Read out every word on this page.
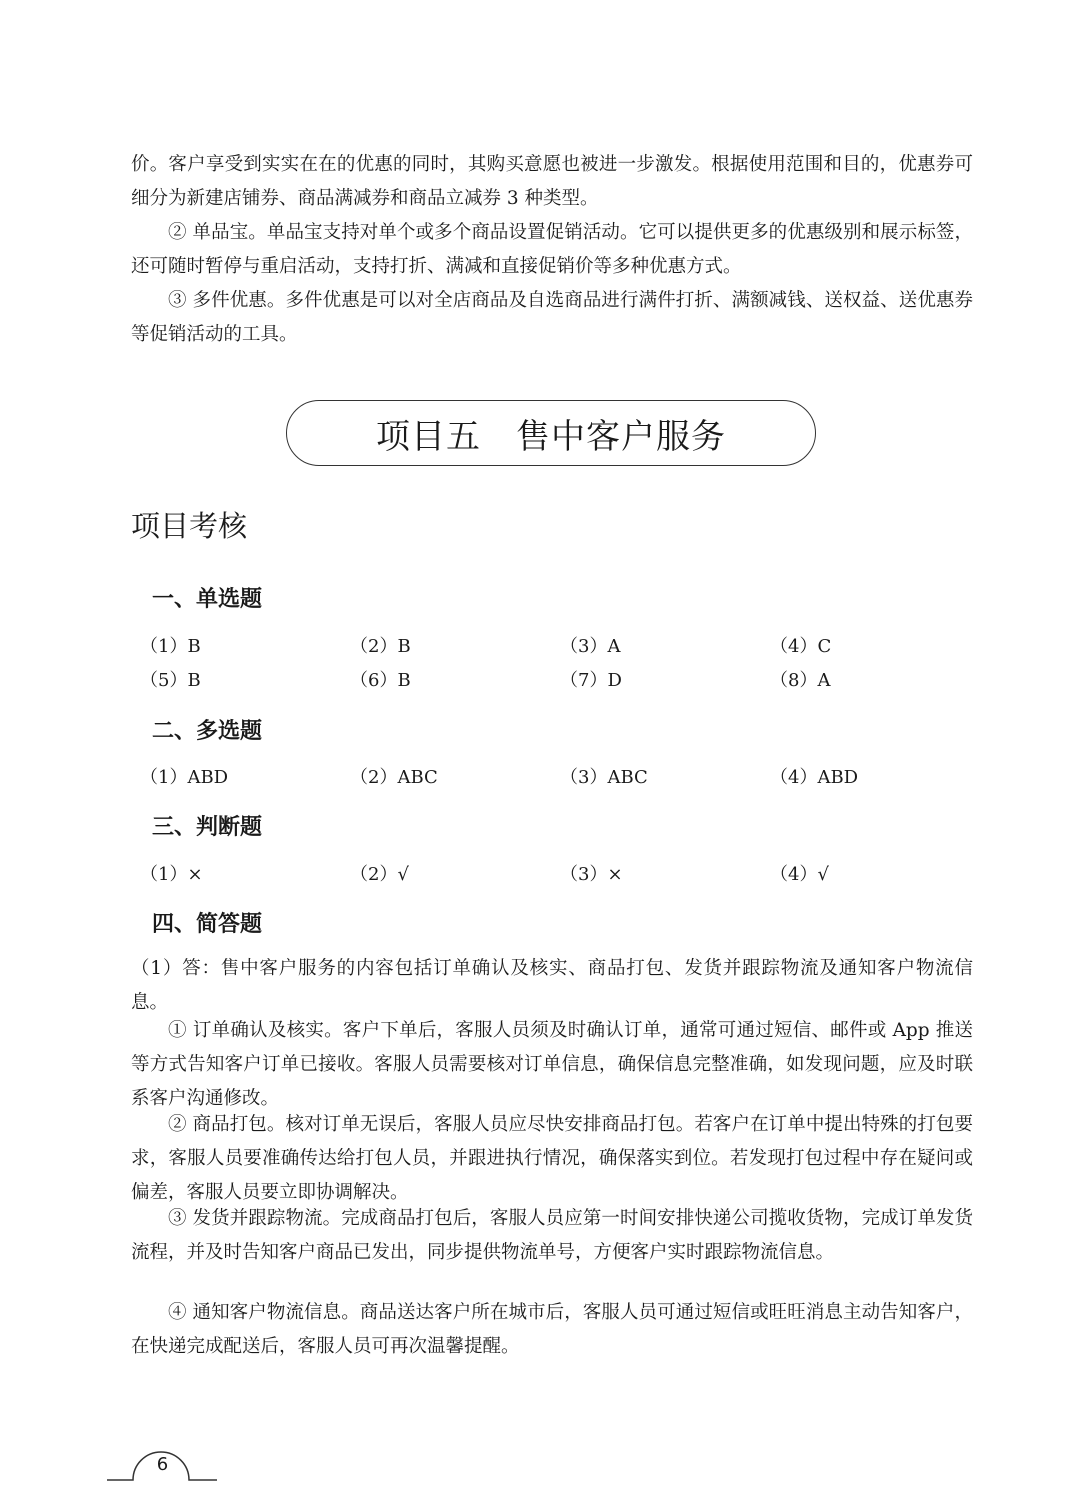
价。客户享受到实实在在的优惠的同时，其购买意愿也被进一步激发。根据使用范围和目的，优惠券可细分为新建店铺券、商品满减券和商品立减券 3 种类型。

② 单品宝。单品宝支持对单个或多个商品设置促销活动。它可以提供更多的优惠级别和展示标签，还可随时暂停与重启活动，支持打折、满减和直接促销价等多种优惠方式。

③ 多件优惠。多件优惠是可以对全店商品及自选商品进行满件打折、满额减钱、送权益、送优惠券等促销活动的工具。

项目五　售中客户服务
项目考核
一、单选题
（1）B	（2）B	（3）A	（4）C
（5）B	（6）B	（7）D	（8）A
二、多选题
（1）ABD	（2）ABC	（3）ABC	（4）ABD
三、判断题
（1）×	（2）√	（3）×	（4）√
四、简答题

（1）答：售中客户服务的内容包括订单确认及核实、商品打包、发货并跟踪物流及通知客户物流信息。

① 订单确认及核实。客户下单后，客服人员须及时确认订单，通常可通过短信、邮件或 App 推送等方式告知客户订单已接收。客服人员需要核对订单信息，确保信息完整准确，如发现问题，应及时联系客户沟通修改。

② 商品打包。核对订单无误后，客服人员应尽快安排商品打包。若客户在订单中提出特殊的打包要求，客服人员要准确传达给打包人员，并跟进执行情况，确保落实到位。若发现打包过程中存在疑问或偏差，客服人员要立即协调解决。

③ 发货并跟踪物流。完成商品打包后，客服人员应第一时间安排快递公司揽收货物，完成订单发货流程，并及时告知客户商品已发出，同步提供物流单号，方便客户实时跟踪物流信息。

④ 通知客户物流信息。商品送达客户所在城市后，客服人员可通过短信或旺旺消息主动告知客户，在快递完成配送后，客服人员可再次温馨提醒。

6
